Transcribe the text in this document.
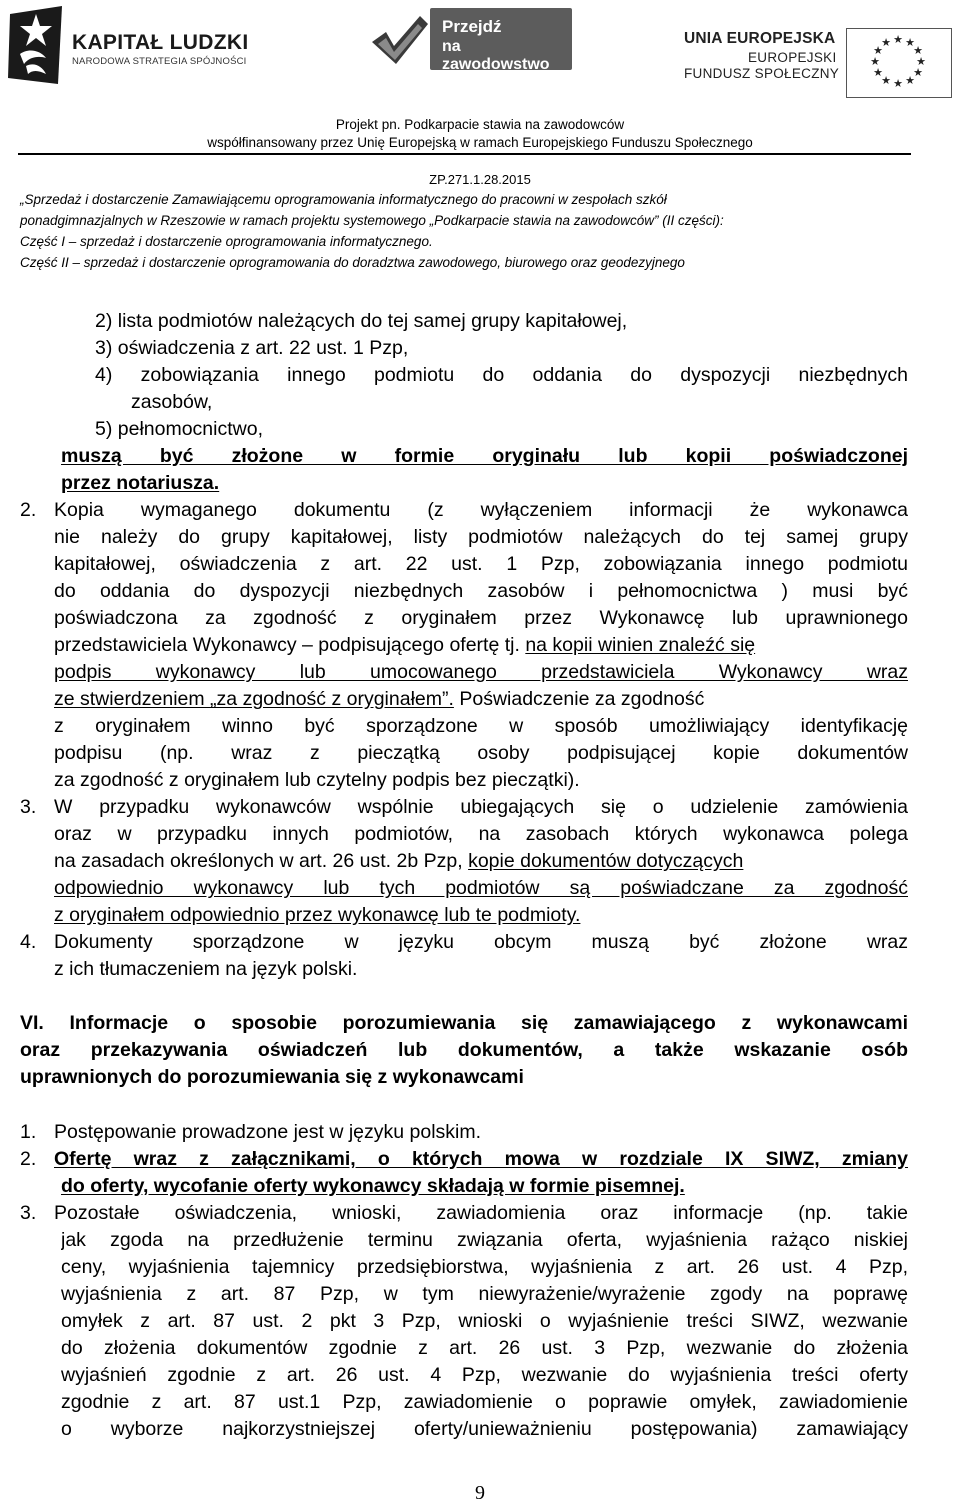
KAPITAŁ LUDZKI
NARODOWA STRATEGIA SPÓJNOŚCI
Przejdź
na zawodowstwo
UNIA EUROPEJSKA
EUROPEJSKI
FUNDUSZ SPOŁECZNY
★ ★
★
★
★
★
★
★
★
★
★
★
Projekt pn. Podkarpacie stawia na zawodowców
współfinansowany przez Unię Europejską w ramach Europejskiego Funduszu Społecznego
ZP.271.1.28.2015
„Sprzedaż i dostarczenie Zamawiającemu oprogramowania informatycznego do pracowni w zespołach szkół
ponadgimnazjalnych w Rzeszowie w ramach projektu systemowego „Podkarpacie stawia na zawodowców” (II części):
Część I – sprzedaż i dostarczenie oprogramowania informatycznego.
Część II – sprzedaż i dostarczenie oprogramowania do doradztwa zawodowego, biurowego oraz geodezyjnego
2) lista podmiotów należących do tej samej grupy kapitałowej,
3) oświadczenia z art. 22 ust. 1 Pzp,
4) zobowiązania innego podmiotu do oddania do dyspozycji niezbędnych
zasobów,
5) pełnomocnictwo,
muszą być złożone w formie oryginału lub kopii poświadczonej
przez notariusza.
2. Kopia wymaganego dokumentu (z wyłączeniem informacji że wykonawca
nie należy do grupy kapitałowej, listy podmiotów należących do tej samej grupy
kapitałowej, oświadczenia z art. 22 ust. 1 Pzp, zobowiązania innego podmiotu
do oddania do dyspozycji niezbędnych zasobów i pełnomocnictwa ) musi być
poświadczona za zgodność z oryginałem przez Wykonawcę lub uprawnionego
przedstawiciela Wykonawcy – podpisującego ofertę tj. na kopii winien znaleźć się
podpis wykonawcy lub umocowanego przedstawiciela Wykonawcy wraz
ze stwierdzeniem „za zgodność z oryginałem”. Poświadczenie za zgodność
z oryginałem winno być sporządzone w sposób umożliwiający identyfikację
podpisu (np. wraz z pieczątką osoby podpisującej kopie dokumentów
za zgodność z oryginałem lub czytelny podpis bez pieczątki).
3. W przypadku wykonawców wspólnie ubiegających się o udzielenie zamówienia
oraz w przypadku innych podmiotów, na zasobach których wykonawca polega
na zasadach określonych w art. 26 ust. 2b Pzp, kopie dokumentów dotyczących
odpowiednio wykonawcy lub tych podmiotów są poświadczane za zgodność
z oryginałem odpowiednio przez wykonawcę lub te podmioty.
4. Dokumenty sporządzone w języku obcym muszą być złożone wraz
z ich tłumaczeniem na język polski.
VI. Informacje o sposobie porozumiewania się zamawiającego z wykonawcami
oraz przekazywania oświadczeń lub dokumentów, a także wskazanie osób
uprawnionych do porozumiewania się z wykonawcami
1. Postępowanie prowadzone jest w języku polskim.
2. Ofertę wraz z załącznikami, o których mowa w rozdziale IX SIWZ, zmiany
do oferty, wycofanie oferty wykonawcy składają w formie pisemnej.
3. Pozostałe oświadczenia, wnioski, zawiadomienia oraz informacje (np. takie
jak zgoda na przedłużenie terminu związania oferta, wyjaśnienia rażąco niskiej
ceny, wyjaśnienia tajemnicy przedsiębiorstwa, wyjaśnienia z art. 26 ust. 4 Pzp,
wyjaśnienia z art. 87 Pzp, w tym niewyrażenie/wyrażenie zgody na poprawę
omyłek z art. 87 ust. 2 pkt 3 Pzp, wnioski o wyjaśnienie treści SIWZ, wezwanie
do złożenia dokumentów zgodnie z art. 26 ust. 3 Pzp, wezwanie do złożenia
wyjaśnień zgodnie z art. 26 ust. 4 Pzp, wezwanie do wyjaśnienia treści oferty
zgodnie z art. 87 ust.1 Pzp, zawiadomienie o poprawie omyłek, zawiadomienie
o wyborze najkorzystniejszej oferty/unieważnieniu postępowania) zamawiający
9
